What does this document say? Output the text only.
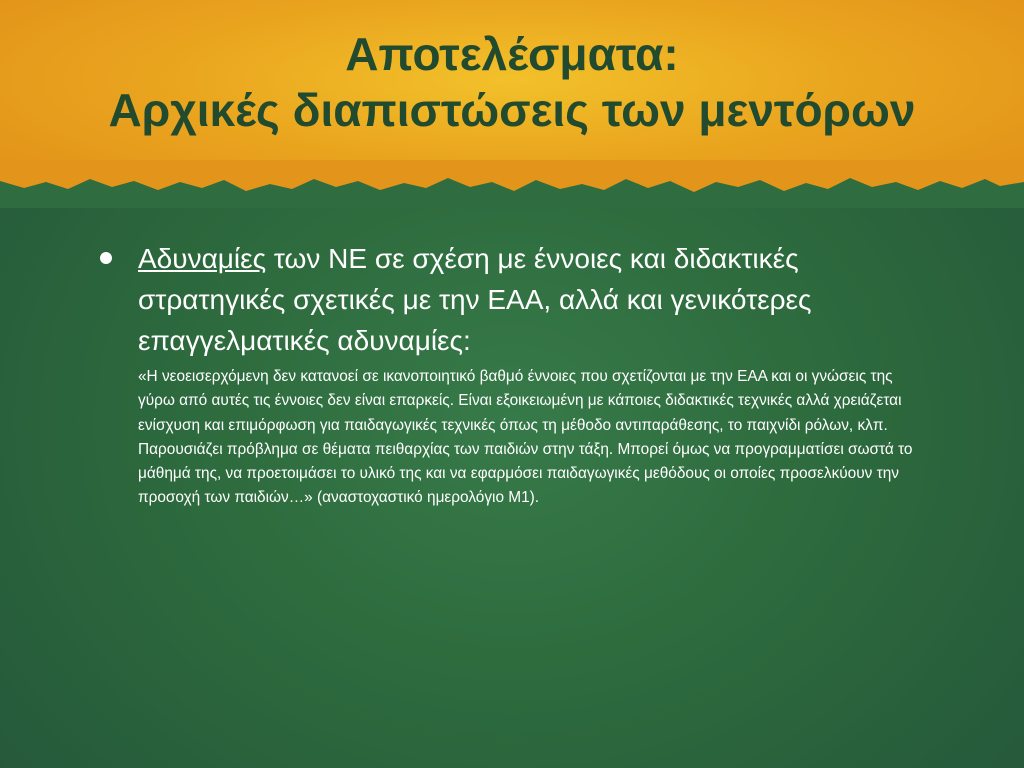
Αποτελέσματα:
Αρχικές διαπιστώσεις των μεντόρων
Αδυναμίες των ΝΕ σε σχέση με έννοιες και διδακτικές στρατηγικές σχετικές με την ΕΑΑ, αλλά και γενικότερες επαγγελματικές αδυναμίες:
«Η νεοεισερχόμενη δεν κατανοεί σε ικανοποιητικό βαθμό έννοιες που σχετίζονται με την ΕΑΑ και οι γνώσεις της γύρω από αυτές τις έννοιες δεν είναι επαρκείς. Είναι εξοικειωμένη με κάποιες διδακτικές τεχνικές αλλά χρειάζεται ενίσχυση και επιμόρφωση για παιδαγωγικές τεχνικές όπως τη μέθοδο αντιπαράθεσης, το παιχνίδι ρόλων, κλπ. Παρουσιάζει πρόβλημα σε θέματα πειθαρχίας των παιδιών στην τάξη. Μπορεί όμως να προγραμματίσει σωστά το μάθημά της, να προετοιμάσει το υλικό της και να εφαρμόσει παιδαγωγικές μεθόδους οι οποίες προσελκύουν την προσοχή των παιδιών…» (αναστοχαστικό ημερολόγιο Μ1).
